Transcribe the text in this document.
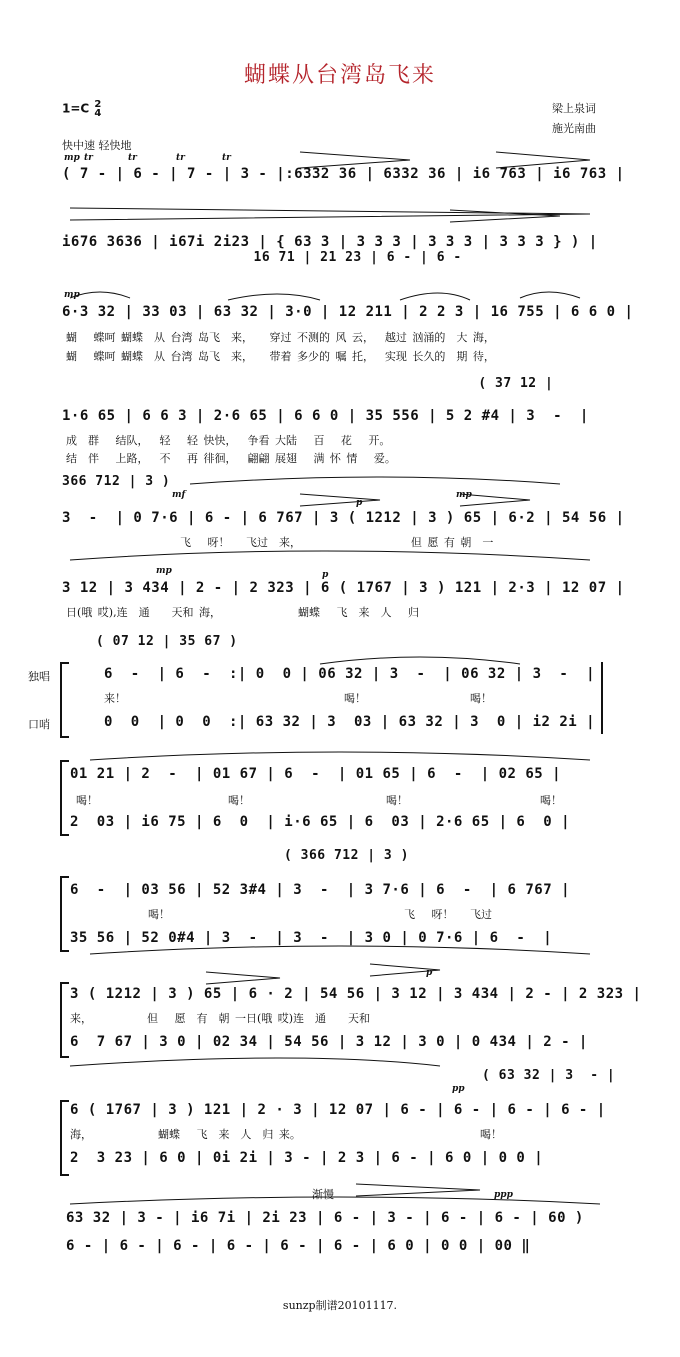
蝴蝶从台湾岛飞来
1=C 2
4	梁上泉词
施光南曲
快中速 轻快地
mp tr	tr	tr	tr
mp
mf
p
mp
mp	p
p
pp
ppp
渐慢
独唱
口哨
( 7 - | 6 - | 7 - | 3 - |:6332 36 | 6332 36 | i6 763 | i6 763 |
i676 3636 | i67i 2i23 | { 63 3 | 3 3 3 | 3 3 3 | 3 3 3 } ) |
16 71 | 21 23 | 6 - | 6 -
6·3 32 | 33 03 | 63 32 | 3·0 | 12 211 | 2 2 3 | 16 755 | 6 6 0 |
蝴   蝶呵 蝴蝶  从 台湾 岛飞  来，   穿过 不测的 风 云，  越过 汹涌的  大 海，
蝴   蝶呵 蝴蝶  从 台湾 岛飞  来，   带着 多少的 嘱 托，  实现 长久的  期 待，
( 37 12 |
1·6 65 | 6 6 3 | 2·6 65 | 6 6 0 | 35 556 | 5 2 #4 | 3  -  |
成  群   结队，  轻   轻 快快，  争看 大陆   百   花   开。
结  伴   上路，  不   再 徘徊，  翩翩 展翅   满 怀 情   爱。
366 712 | 3 )
3  -  | 0 7·6 | 6 - | 6 767 | 3 ( 1212 | 3 ) 65 | 6·2 | 54 56 |
飞   呀！   飞过  来，                    但 愿 有 朝  一
3 12 | 3 434 | 2 - | 2 323 | 6 ( 1767 | 3 ) 121 | 2·3 | 12 07 |
日(哦 哎),连  通    天和 海，              蝴蝶   飞  来  人   归
( 07 12 | 35 67 )
6  -  | 6  -  :| 0  0 | 06 32 | 3  -  | 06 32 | 3  -  |
来！	喝！	喝！
0  0  | 0  0  :| 63 32 | 3  03 | 63 32 | 3  0 | i2 2i |
01 21 | 2  -  | 01 67 | 6  -  | 01 65 | 6  -  | 02 65 |
喝！	喝！	喝！	喝！
2  03 | i6 75 | 6  0  | i·6 65 | 6  03 | 2·6 65 | 6  0 |
( 366 712 | 3 )
6  -  | 03 56 | 52 3#4 | 3  -  | 3 7·6 | 6  -  | 6 767 |
喝！	飞   呀！   飞过
35 56 | 52 0#4 | 3  -  | 3  -  | 3 0 | 0 7·6 | 6  -  |
3 ( 1212 | 3 ) 65 | 6 · 2 | 54 56 | 3 12 | 3 434 | 2 - | 2 323 |
来，          但   愿  有  朝 一日(哦 哎)连  通    天和
6  7 67 | 3 0 | 02 34 | 54 56 | 3 12 | 3 0 | 0 434 | 2 - |
( 63 32 | 3  - |
6 ( 1767 | 3 ) 121 | 2 · 3 | 12 07 | 6 - | 6 - | 6 - | 6 - |
海，            蝴蝶   飞  来  人  归 来。	喝！
2  3 23 | 6 0 | 0i 2i | 3 - | 2 3 | 6 - | 6 0 | 0 0 |
63 32 | 3 - | i6 7i | 2i 23 | 6 - | 3 - | 6 - | 6 - | 60 )
6 - | 6 - | 6 - | 6 - | 6 - | 6 - | 6 0 | 0 0 | 00 ‖
sunzp制谱20101117.
